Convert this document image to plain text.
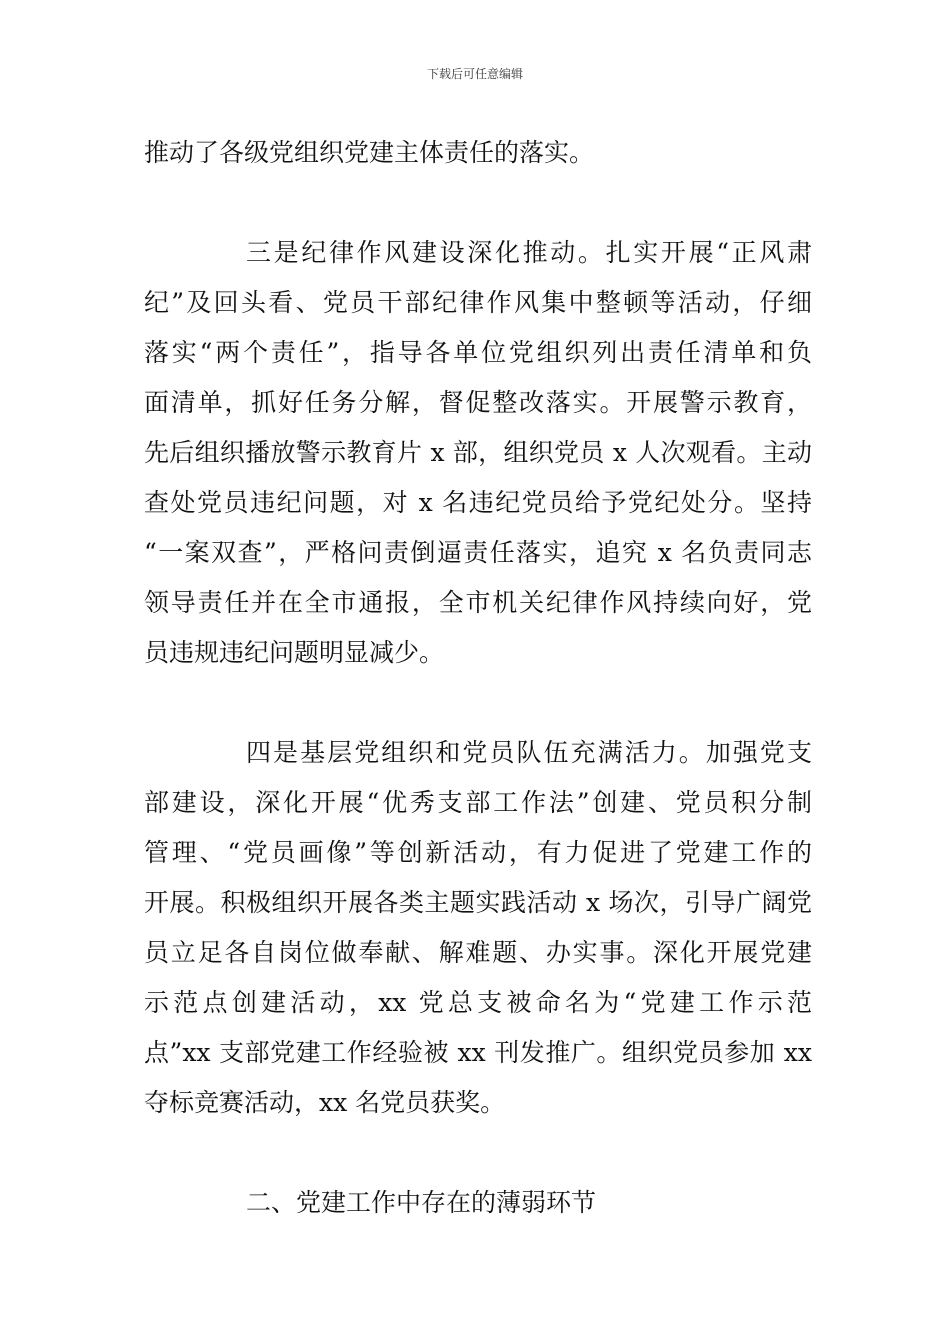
下载后可任意编辑
推动了各级党组织党建主体责任的落实。
三是纪律作风建设深化推动。扎实开展“正风肃
纪”及回头看、党员干部纪律作风集中整顿等活动，仔细
落实“两个责任”，指导各单位党组织列出责任清单和负
面清单，抓好任务分解，督促整改落实。开展警示教育，
先后组织播放警示教育片 x 部，组织党员 x 人次观看。主动
查处党员违纪问题，对 x 名违纪党员给予党纪处分。坚持
“一案双查”，严格问责倒逼责任落实，追究 x 名负责同志
领导责任并在全市通报，全市机关纪律作风持续向好，党
员违规违纪问题明显减少。
四是基层党组织和党员队伍充满活力。加强党支
部建设，深化开展“优秀支部工作法”创建、党员积分制
管理、“党员画像”等创新活动，有力促进了党建工作的
开展。积极组织开展各类主题实践活动 x 场次，引导广阔党
员立足各自岗位做奉献、解难题、办实事。深化开展党建
示范点创建活动，xx 党总支被命名为“党建工作示范
点”xx 支部党建工作经验被 xx 刊发推广。组织党员参加 xx
夺标竞赛活动，xx 名党员获奖。
二、党建工作中存在的薄弱环节
